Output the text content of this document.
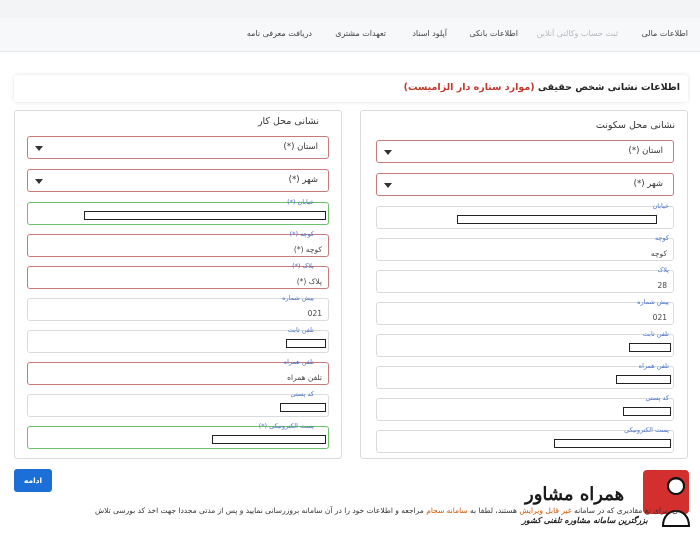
اطلاعات مالی
ثبت حساب وکالتی آنلاین
اطلاعات بانکی
آپلود اسناد
تعهدات مشتری
دریافت معرفی نامه
اطلاعات نشانی شخص حقیقی (موارد ستاره دار الزامیست)
نشانی محل سکونت
استان (*)
شهر (*)
خیابان
کوچه
کوچه
پلاک
28
پیش شماره
021
تلفن ثابت
تلفن همراه
کد پستی
پست الکترونیکی
نشانی محل کار
استان (*)
شهر (*)
خیابان (*)
کوچه (*)
کوچه (*)
پلاک (*)
پلاک (*)
پیش شماره
021
تلفن ثابت
تلفن همراه
تلفن همراه
کد پستی
پست الکترونیکی (*)
ادامه
ی، برای تغ مقادیری که در سامانه غیر قابل ویرایش هستند، لطفا به سامانه سجام مراجعه و اطلاعات خود را در آن سامانه بروزرسانی نمایید و پس از مدتی مجددا جهت اخذ کد بورسی تلاش
همراه مشاور
بزرگترین سامانه مشاوره تلفنی کشور
